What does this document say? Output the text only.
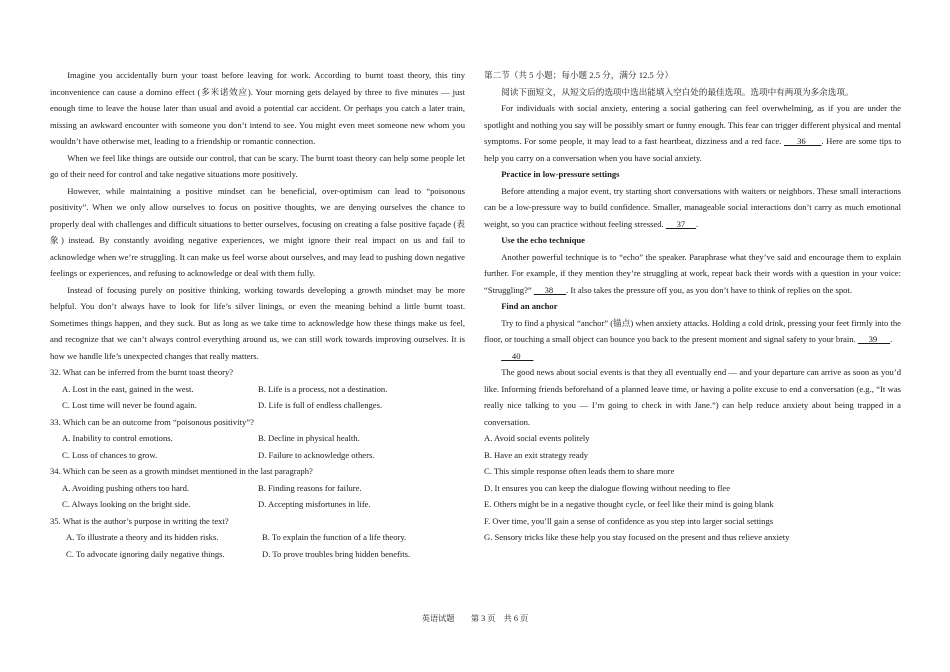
Imagine you accidentally burn your toast before leaving for work. According to burnt toast theory, this tiny inconvenience can cause a domino effect (多米诺效应). Your morning gets delayed by three to five minutes — just enough time to leave the house later than usual and avoid a potential car accident. Or perhaps you catch a later train, missing an awkward encounter with someone you don’t intend to see. You might even meet someone new whom you wouldn’t have otherwise met, leading to a friendship or romantic connection.

When we feel like things are outside our control, that can be scary. The burnt toast theory can help some people let go of their need for control and take negative situations more positively.

However, while maintaining a positive mindset can be beneficial, over-optimism can lead to “poisonous positivity”. When we only allow ourselves to focus on positive thoughts, we are denying ourselves the chance to properly deal with challenges and difficult situations to better ourselves, focusing on creating a false positive façade (表象) instead. By constantly avoiding negative experiences, we might ignore their real impact on us and fail to acknowledge when we’re struggling. It can make us feel worse about ourselves, and may lead to pushing down negative feelings or experiences, and refusing to acknowledge or deal with them fully.

Instead of focusing purely on positive thinking, working towards developing a growth mindset may be more helpful. You don’t always have to look for life’s silver linings, or even the meaning behind a little burnt toast. Sometimes things happen, and they suck. But as long as we take time to acknowledge how these things make us feel, and recognize that we can’t always control everything around us, we can still work towards improving ourselves. It is how we handle life’s unexpected changes that really matters.

32. What can be inferred from the burnt toast theory?

A. Lost in the east, gained in the west.	B. Life is a process, not a destination.
C. Lost time will never be found again.	D. Life is full of endless challenges.

33. Which can be an outcome from “poisonous positivity”?

A. Inability to control emotions.	B. Decline in physical health.
C. Loss of chances to grow.	D. Failure to acknowledge others.

34. Which can be seen as a growth mindset mentioned in the last paragraph?

A. Avoiding pushing others too hard.	B. Finding reasons for failure.
C. Always looking on the bright side.	D. Accepting misfortunes in life.

35. What is the author’s purpose in writing the text?

A. To illustrate a theory and its hidden risks.	B. To explain the function of a life theory.
C. To advocate ignoring daily negative things.	D. To prove troubles bring hidden benefits.

第二节（共 5 小题；每小题 2.5 分，满分 12.5 分）

阅读下面短文，从短文后的选项中选出能填入空白处的最佳选项。选项中有两项为多余选项。

For individuals with social anxiety, entering a social gathering can feel overwhelming, as if you are under the spotlight and nothing you say will be possibly smart or funny enough. This fear can trigger different physical and mental symptoms. For some people, it may lead to a fast heartbeat, dizziness and a red face.      36      . Here are some tips to help you carry on a conversation when you have social anxiety.

Practice in low-pressure settings

Before attending a major event, try starting short conversations with waiters or neighbors. These small interactions can be a low-pressure way to build confidence. Smaller, manageable social interactions don’t carry as much emotional weight, so you can practice without feeling stressed.      37     .

Use the echo technique

Another powerful technique is to “echo” the speaker. Paraphrase what they’ve said and encourage them to explain further. For example, if they mention they’re struggling at work, repeat back their words with a question in your voice: “Struggling?”      38      . It also takes the pressure off you, as you don’t have to think of replies on the spot.

Find an anchor

Try to find a physical “anchor” (锚点) when anxiety attacks. Holding a cold drink, pressing your feet firmly into the floor, or touching a small object can bounce you back to the present moment and signal safety to your brain.      39      .

40

The good news about social events is that they all eventually end — and your departure can arrive as soon as you’d like. Informing friends beforehand of a planned leave time, or having a polite excuse to end a conversation (e.g., “It was really nice talking to you — I’m going to check in with Jane.”) can help reduce anxiety about being trapped in a conversation.

A. Avoid social events politely

B. Have an exit strategy ready

C. This simple response often leads them to share more

D. It ensures you can keep the dialogue flowing without needing to flee

E. Others might be in a negative thought cycle, or feel like their mind is going blank

F. Over time, you’ll gain a sense of confidence as you step into larger social settings

G. Sensory tricks like these help you stay focused on the present and thus relieve anxiety

英语试题　　第 3 页　共 6 页
